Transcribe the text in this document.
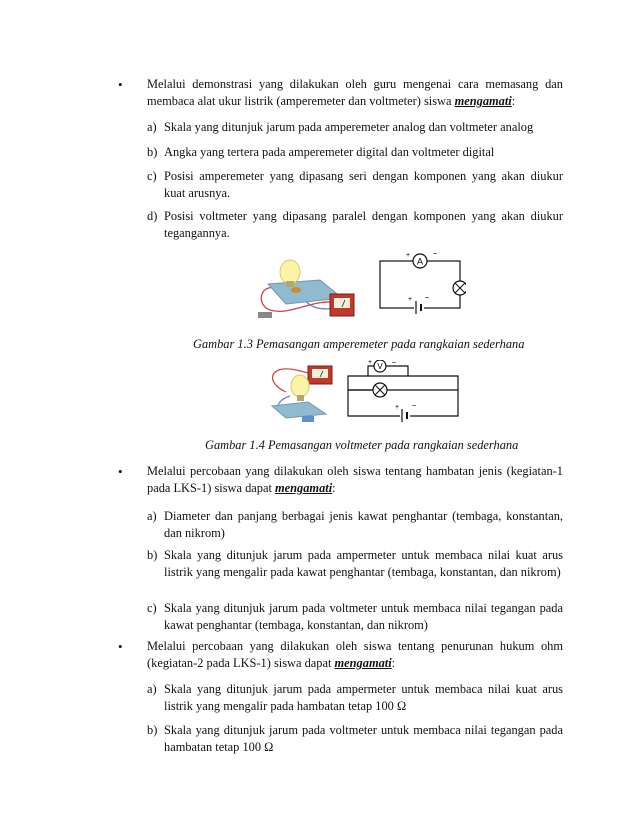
• Melalui demonstrasi yang dilakukan oleh guru mengenai cara memasang dan membaca alat ukur listrik (amperemeter dan voltmeter) siswa mengamati:
a) Skala yang ditunjuk jarum pada amperemeter analog dan voltmeter analog
b) Angka yang tertera pada amperemeter digital dan voltmeter digital
c) Posisi amperemeter yang dipasang seri dengan komponen yang akan diukur kuat arusnya.
d) Posisi voltmeter yang dipasang paralel dengan komponen yang akan diukur tegangannya.
A
+	−
+ −
Gambar 1.3 Pemasangan amperemeter pada rangkaian sederhana
V
+ −
+ −
Gambar 1.4 Pemasangan voltmeter pada rangkaian sederhana
• Melalui percobaan yang dilakukan oleh siswa tentang hambatan jenis (kegiatan-1 pada LKS-1) siswa dapat mengamati:
a) Diameter dan panjang berbagai jenis kawat penghantar (tembaga, konstantan, dan nikrom)
b) Skala yang ditunjuk jarum pada ampermeter untuk membaca nilai kuat arus listrik yang mengalir pada kawat penghantar (tembaga, konstantan, dan nikrom)
c) Skala yang ditunjuk jarum pada voltmeter untuk membaca nilai tegangan pada kawat penghantar (tembaga, konstantan, dan nikrom)
• Melalui percobaan yang dilakukan oleh siswa tentang penurunan hukum ohm (kegiatan-2 pada LKS-1) siswa dapat mengamati:
a) Skala yang ditunjuk jarum pada ampermeter untuk membaca nilai kuat arus listrik yang mengalir pada hambatan tetap 100 Ω
b) Skala yang ditunjuk jarum pada voltmeter untuk membaca nilai tegangan pada hambatan tetap 100 Ω
